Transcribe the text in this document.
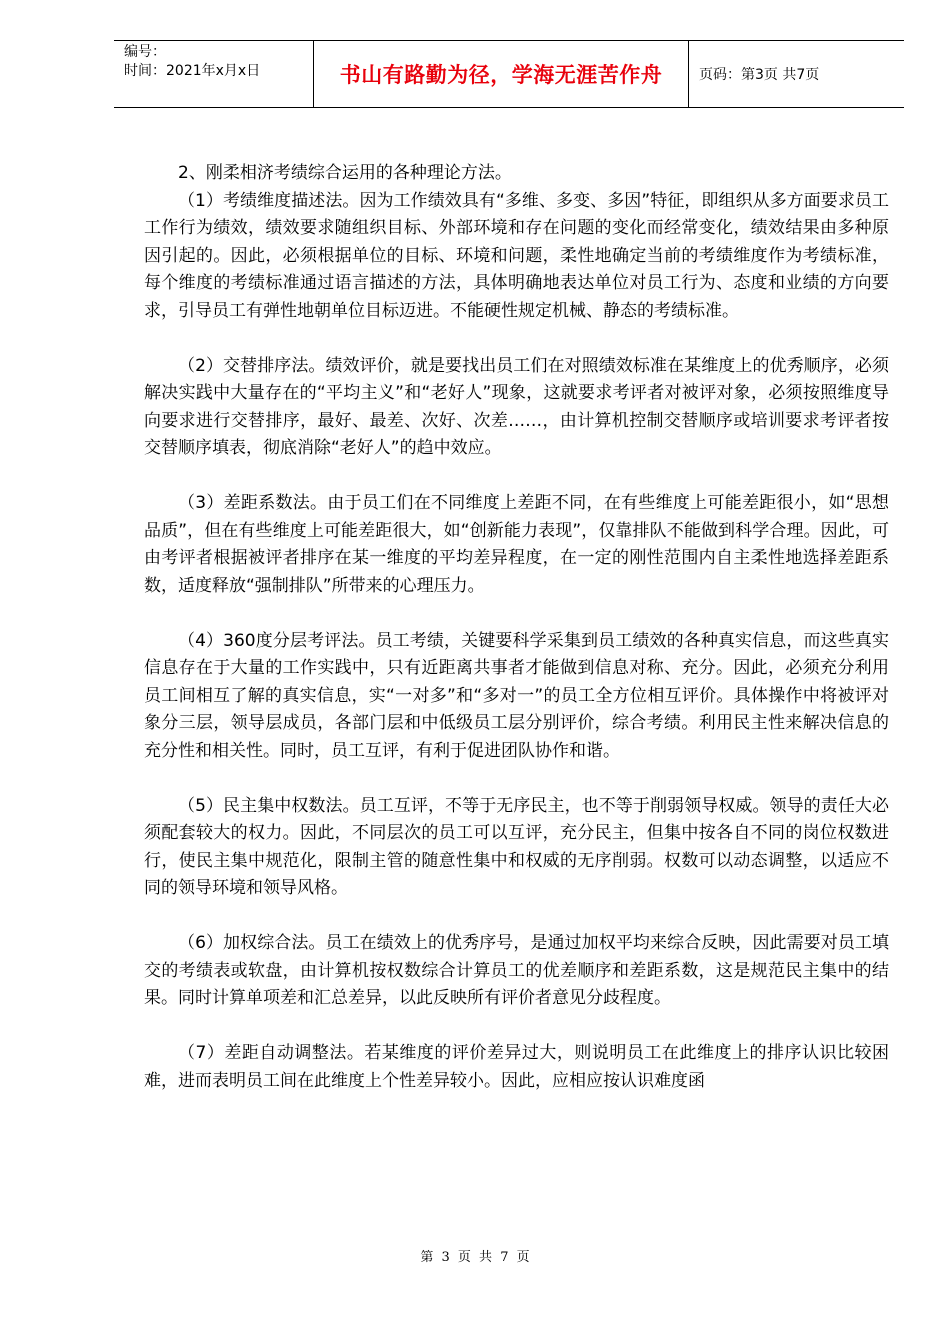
编号：
时间：2021年x月x日	书山有路勤为径，学海无涯苦作舟	页码：第3页 共7页

2、刚柔相济考绩综合运用的各种理论方法。

（1）考绩维度描述法。因为工作绩效具有“多维、多变、多因”特征，即组织从多方面要求员工工作行为绩效，绩效要求随组织目标、外部环境和存在问题的变化而经常变化，绩效结果由多种原因引起的。因此，必须根据单位的目标、环境和问题，柔性地确定当前的考绩维度作为考绩标准，每个维度的考绩标准通过语言描述的方法，具体明确地表达单位对员工行为、态度和业绩的方向要求，引导员工有弹性地朝单位目标迈进。不能硬性规定机械、静态的考绩标准。

（2）交替排序法。绩效评价，就是要找出员工们在对照绩效标准在某维度上的优秀顺序，必须解决实践中大量存在的“平均主义”和“老好人”现象，这就要求考评者对被评对象，必须按照维度导向要求进行交替排序，最好、最差、次好、次差……，由计算机控制交替顺序或培训要求考评者按交替顺序填表，彻底消除“老好人”的趋中效应。

（3）差距系数法。由于员工们在不同维度上差距不同，在有些维度上可能差距很小，如“思想品质”，但在有些维度上可能差距很大，如“创新能力表现”，仅靠排队不能做到科学合理。因此，可由考评者根据被评者排序在某一维度的平均差异程度，在一定的刚性范围内自主柔性地选择差距系数，适度释放“强制排队”所带来的心理压力。

（4）360度分层考评法。员工考绩，关键要科学采集到员工绩效的各种真实信息，而这些真实信息存在于大量的工作实践中，只有近距离共事者才能做到信息对称、充分。因此，必须充分利用员工间相互了解的真实信息，实“一对多”和“多对一”的员工全方位相互评价。具体操作中将被评对象分三层，领导层成员，各部门层和中低级员工层分别评价，综合考绩。利用民主性来解决信息的充分性和相关性。同时，员工互评，有利于促进团队协作和谐。

（5）民主集中权数法。员工互评，不等于无序民主，也不等于削弱领导权威。领导的责任大必须配套较大的权力。因此，不同层次的员工可以互评，充分民主，但集中按各自不同的岗位权数进行，使民主集中规范化，限制主管的随意性集中和权威的无序削弱。权数可以动态调整，以适应不同的领导环境和领导风格。

（6）加权综合法。员工在绩效上的优秀序号，是通过加权平均来综合反映，因此需要对员工填交的考绩表或软盘，由计算机按权数综合计算员工的优差顺序和差距系数，这是规范民主集中的结果。同时计算单项差和汇总差异，以此反映所有评价者意见分歧程度。

（7）差距自动调整法。若某维度的评价差异过大，则说明员工在此维度上的排序认识比较困难，进而表明员工间在此维度上个性差异较小。因此，应相应按认识难度函

第 3 页 共 7 页
